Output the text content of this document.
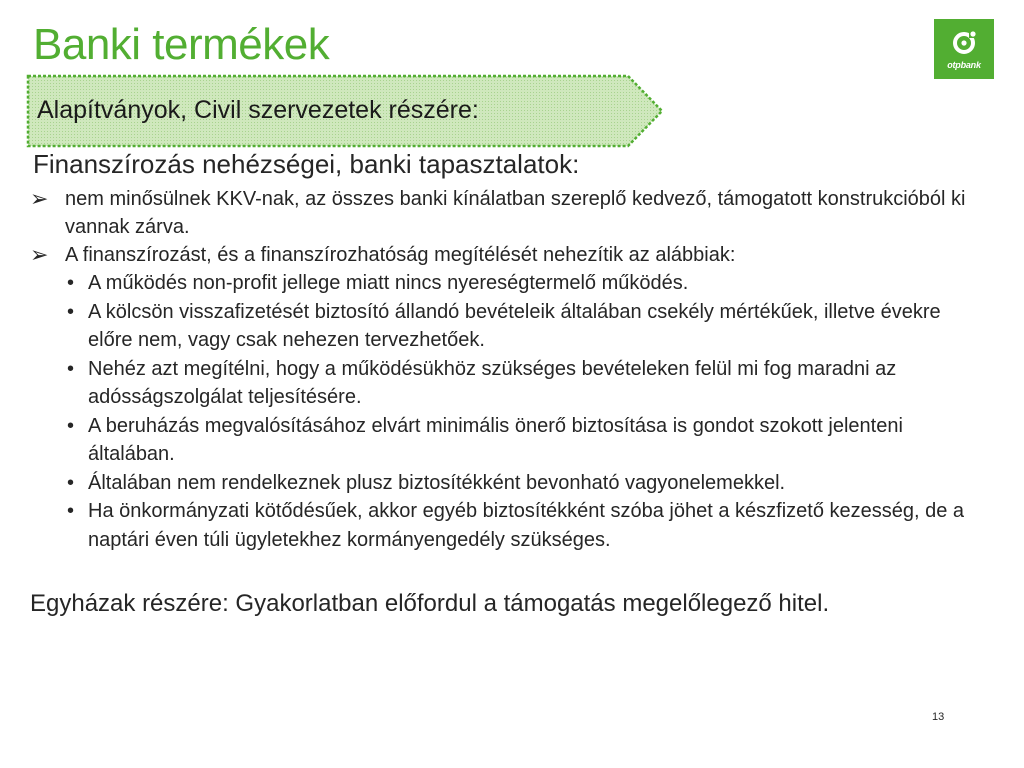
Banki termékek	otpbank
Alapítványok, Civil szervezetek részére:
Finanszírozás nehézségei, banki tapasztalatok:
➢ nem minősülnek KKV-nak, az összes banki kínálatban szereplő kedvező, támogatott konstrukcióból ki vannak zárva.
➢ A finanszírozást, és a finanszírozhatóság megítélését nehezítik az alábbiak:
• A működés non-profit jellege miatt nincs nyereségtermelő működés.
• A kölcsön visszafizetését biztosító állandó bevételeik általában csekély mértékűek, illetve évekre előre nem, vagy csak nehezen tervezhetőek.
• Nehéz azt megítélni, hogy a működésükhöz szükséges bevételeken felül mi fog maradni az adósságszolgálat teljesítésére.
• A beruházás megvalósításához elvárt minimális önerő biztosítása is gondot szokott jelenteni általában.
• Általában nem rendelkeznek plusz biztosítékként bevonható vagyonelemekkel.
• Ha önkormányzati kötődésűek, akkor egyéb biztosítékként szóba jöhet a készfizető kezesség, de a naptári éven túli ügyletekhez kormányengedély szükséges.
Egyházak részére: Gyakorlatban előfordul a támogatás megelőlegező hitel.
13
